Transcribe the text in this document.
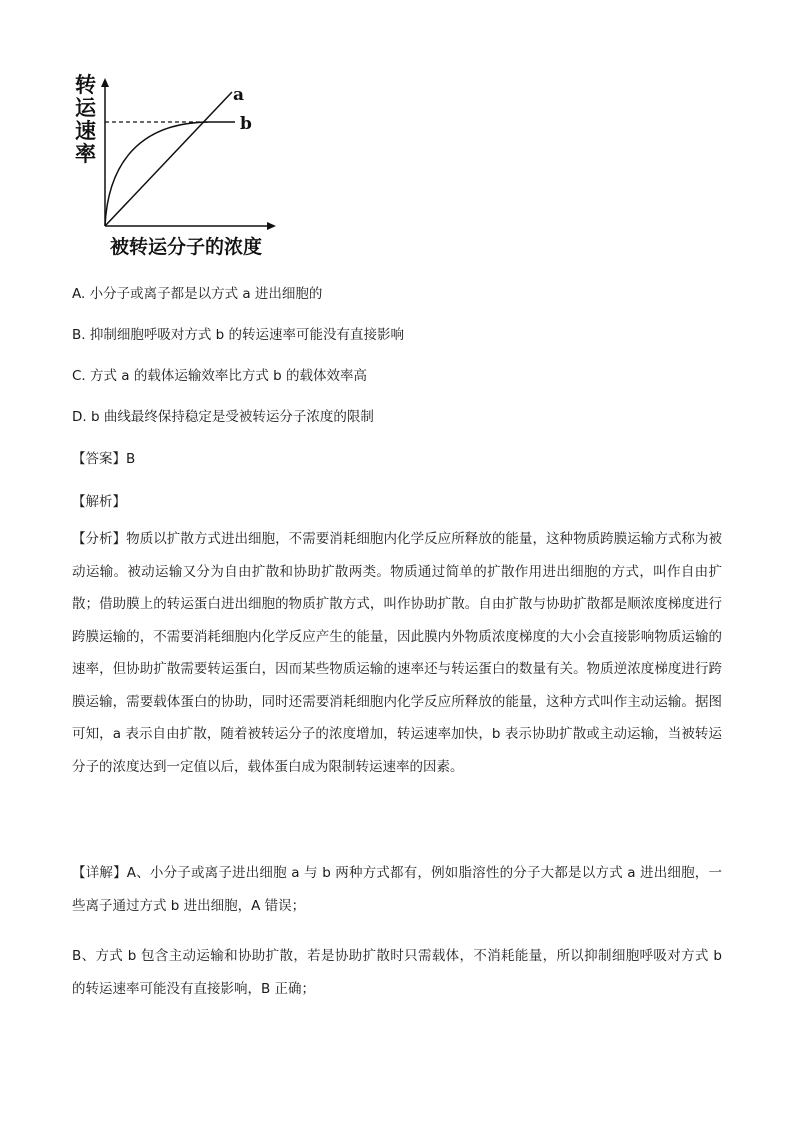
转
运
速
率
a
b
被转运分子的浓度

A. 小分子或离子都是以方式 a 进出细胞的

B. 抑制细胞呼吸对方式 b 的转运速率可能没有直接影响

C. 方式 a 的载体运输效率比方式 b 的载体效率高

D. b 曲线最终保持稳定是受被转运分子浓度的限制

【答案】B

【解析】

【分析】物质以扩散方式进出细胞，不需要消耗细胞内化学反应所释放的能量，这种物质跨膜运输方式称为被动运输。被动运输又分为自由扩散和协助扩散两类。物质通过简单的扩散作用进出细胞的方式，叫作自由扩散；借助膜上的转运蛋白进出细胞的物质扩散方式，叫作协助扩散。自由扩散与协助扩散都是顺浓度梯度进行跨膜运输的，不需要消耗细胞内化学反应产生的能量，因此膜内外物质浓度梯度的大小会直接影响物质运输的速率，但协助扩散需要转运蛋白，因而某些物质运输的速率还与转运蛋白的数量有关。物质逆浓度梯度进行跨膜运输，需要载体蛋白的协助，同时还需要消耗细胞内化学反应所释放的能量，这种方式叫作主动运输。据图可知，a 表示自由扩散，随着被转运分子的浓度增加，转运速率加快，b 表示协助扩散或主动运输，当被转运分子的浓度达到一定值以后，载体蛋白成为限制转运速率的因素。

【详解】A、小分子或离子进出细胞 a 与 b 两种方式都有，例如脂溶性的分子大都是以方式 a 进出细胞，一些离子通过方式 b 进出细胞，A 错误；

B、方式 b 包含主动运输和协助扩散，若是协助扩散时只需载体，不消耗能量，所以抑制细胞呼吸对方式 b 的转运速率可能没有直接影响，B 正确；
